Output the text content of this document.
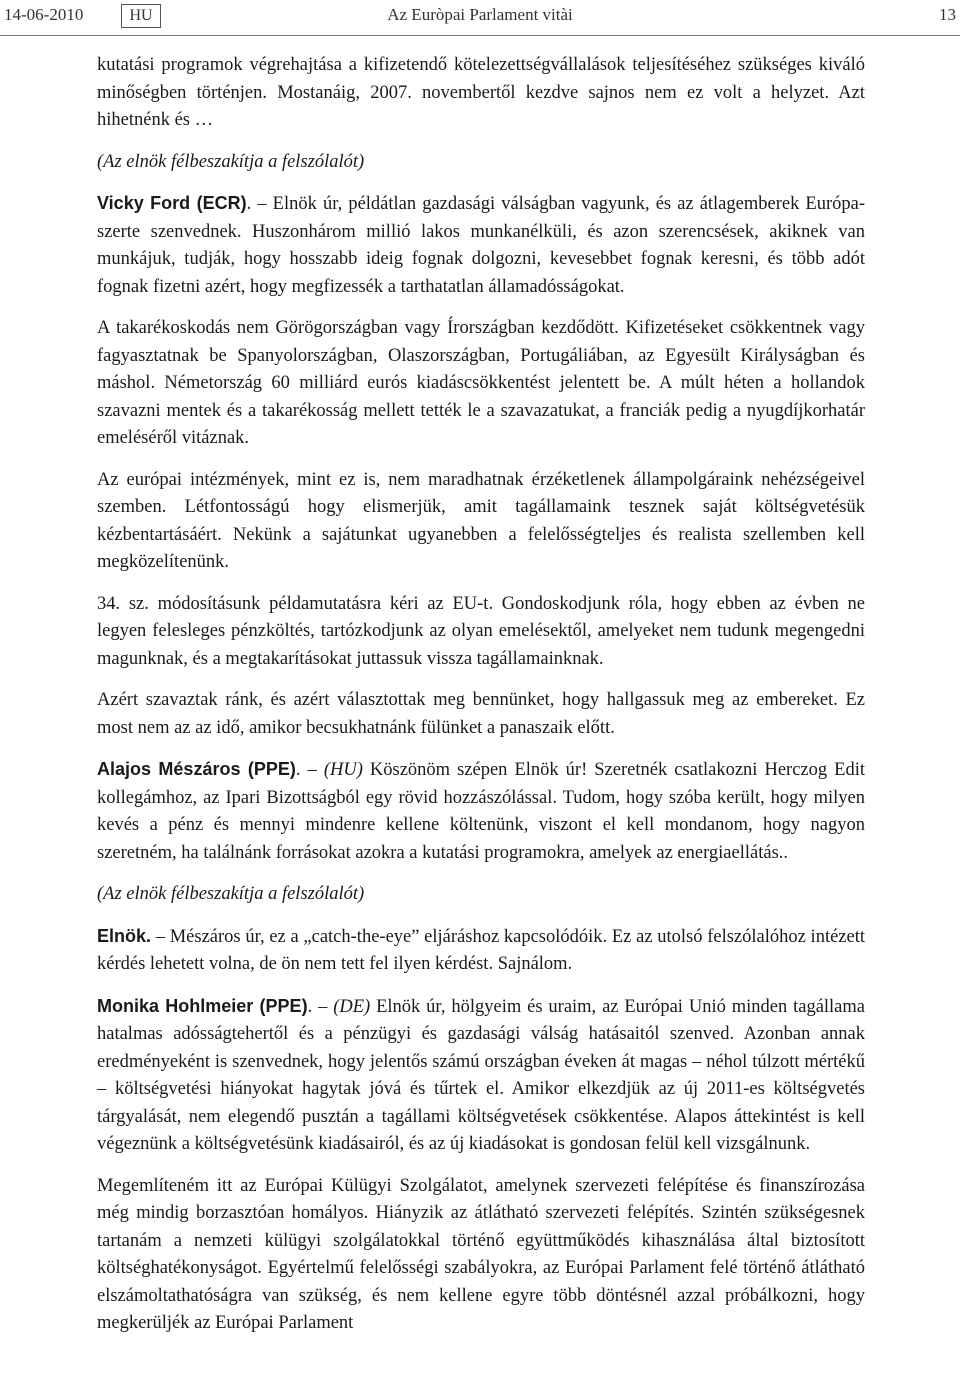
14-06-2010	HU	Az Euròpai Parlament vitài	13

kutatási programok végrehajtása a kifizetendő kötelezettségvállalások teljesítéséhez szükséges kiváló minőségben történjen. Mostanáig, 2007. novembertől kezdve sajnos nem ez volt a helyzet. Azt hihetnénk és …

(Az elnök félbeszakítja a felszólalót)

Vicky Ford (ECR). – Elnök úr, példátlan gazdasági válságban vagyunk, és az átlagemberek Európa-szerte szenvednek. Huszonhárom millió lakos munkanélküli, és azon szerencsések, akiknek van munkájuk, tudják, hogy hosszabb ideig fognak dolgozni, kevesebbet fognak keresni, és több adót fognak fizetni azért, hogy megfizessék a tarthatatlan államadósságokat.

A takarékoskodás nem Görögországban vagy Írországban kezdődött. Kifizetéseket csökkentnek vagy fagyasztatnak be Spanyolországban, Olaszországban, Portugáliában, az Egyesült Királyságban és máshol. Németország 60 milliárd eurós kiadáscsökkentést jelentett be. A múlt héten a hollandok szavazni mentek és a takarékosság mellett tették le a szavazatukat, a franciák pedig a nyugdíjkorhatár emeléséről vitáznak.

Az európai intézmények, mint ez is, nem maradhatnak érzéketlenek állampolgáraink nehézségeivel szemben. Létfontosságú hogy elismerjük, amit tagállamaink tesznek saját költségvetésük kézbentartásáért. Nekünk a sajátunkat ugyanebben a felelősségteljes és realista szellemben kell megközelítenünk.

34. sz. módosításunk példamutatásra kéri az EU-t. Gondoskodjunk róla, hogy ebben az évben ne legyen felesleges pénzköltés, tartózkodjunk az olyan emelésektől, amelyeket nem tudunk megengedni magunknak, és a megtakarításokat juttassuk vissza tagállamainknak.

Azért szavaztak ránk, és azért választottak meg bennünket, hogy hallgassuk meg az embereket. Ez most nem az az idő, amikor becsukhatnánk fülünket a panaszaik előtt.

Alajos Mészáros (PPE). – (HU) Köszönöm szépen Elnök úr! Szeretnék csatlakozni Herczog Edit kollegámhoz, az Ipari Bizottságból egy rövid hozzászólással. Tudom, hogy szóba került, hogy milyen kevés a pénz és mennyi mindenre kellene költenünk, viszont el kell mondanom, hogy nagyon szeretném, ha találnánk forrásokat azokra a kutatási programokra, amelyek az energiaellátás..

(Az elnök félbeszakítja a felszólalót)

Elnök. – Mészáros úr, ez a „catch-the-eye” eljáráshoz kapcsolódóik. Ez az utolsó felszólalóhoz intézett kérdés lehetett volna, de ön nem tett fel ilyen kérdést. Sajnálom.

Monika Hohlmeier (PPE). – (DE) Elnök úr, hölgyeim és uraim, az Európai Unió minden tagállama hatalmas adósságtehertől és a pénzügyi és gazdasági válság hatásaitól szenved. Azonban annak eredményeként is szenvednek, hogy jelentős számú országban éveken át magas – néhol túlzott mértékű – költségvetési hiányokat hagytak jóvá és tűrtek el. Amikor elkezdjük az új 2011-es költségvetés tárgyalását, nem elegendő pusztán a tagállami költségvetések csökkentése. Alapos áttekintést is kell végeznünk a költségvetésünk kiadásairól, és az új kiadásokat is gondosan felül kell vizsgálnunk.

Megemlíteném itt az Európai Külügyi Szolgálatot, amelynek szervezeti felépítése és finanszírozása még mindig borzasztóan homályos. Hiányzik az átlátható szervezeti felépítés. Szintén szükségesnek tartanám a nemzeti külügyi szolgálatokkal történő együttműködés kihasználása által biztosított költséghatékonyságot. Egyértelmű felelősségi szabályokra, az Európai Parlament felé történő átlátható elszámoltathatóságra van szükség, és nem kellene egyre több döntésnél azzal próbálkozni, hogy megkerüljék az Európai Parlament
